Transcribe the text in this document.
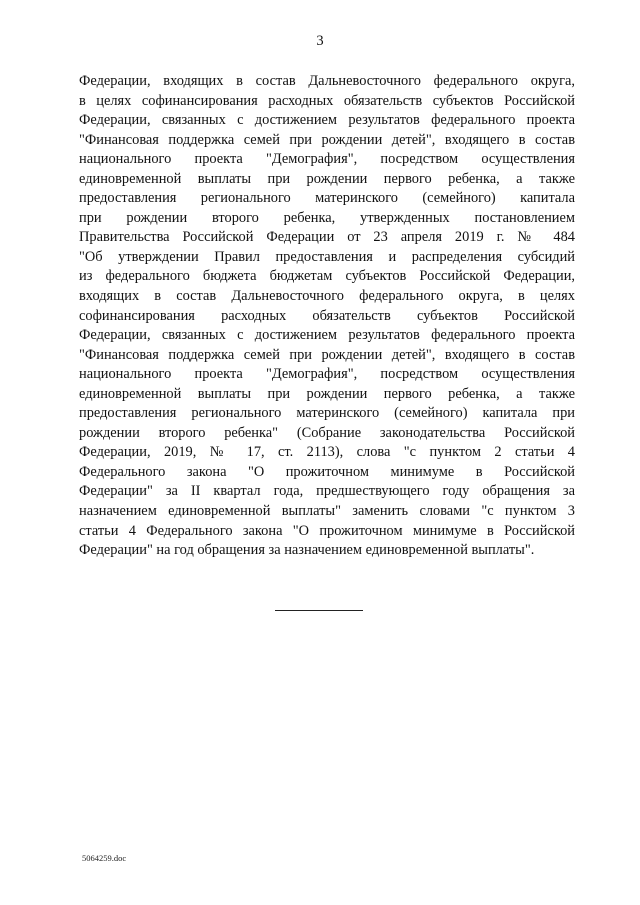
3
Федерации, входящих в состав Дальневосточного федерального округа,
в целях софинансирования расходных обязательств субъектов Российской
Федерации, связанных с достижением результатов федерального проекта
"Финансовая поддержка семей при рождении детей", входящего в состав
национального проекта "Демография", посредством осуществления
единовременной выплаты при рождении первого ребенка, а также
предоставления регионального материнского (семейного) капитала
при рождении второго ребенка, утвержденных постановлением
Правительства Российской Федерации от 23 апреля 2019 г. № 484
"Об утверждении Правил предоставления и распределения субсидий
из федерального бюджета бюджетам субъектов Российской Федерации,
входящих в состав Дальневосточного федерального округа, в целях
софинансирования расходных обязательств субъектов Российской
Федерации, связанных с достижением результатов федерального проекта
"Финансовая поддержка семей при рождении детей", входящего в состав
национального проекта "Демография", посредством осуществления
единовременной выплаты при рождении первого ребенка, а также
предоставления регионального материнского (семейного) капитала при
рождении второго ребенка" (Собрание законодательства Российской
Федерации, 2019, № 17, ст. 2113), слова "с пунктом 2 статьи 4
Федерального закона "О прожиточном минимуме в Российской
Федерации" за II квартал года, предшествующего году обращения за
назначением единовременной выплаты" заменить словами "с пунктом 3
статьи 4 Федерального закона "О прожиточном минимуме в Российской
Федерации" на год обращения за назначением единовременной выплаты".
5064259.doc
